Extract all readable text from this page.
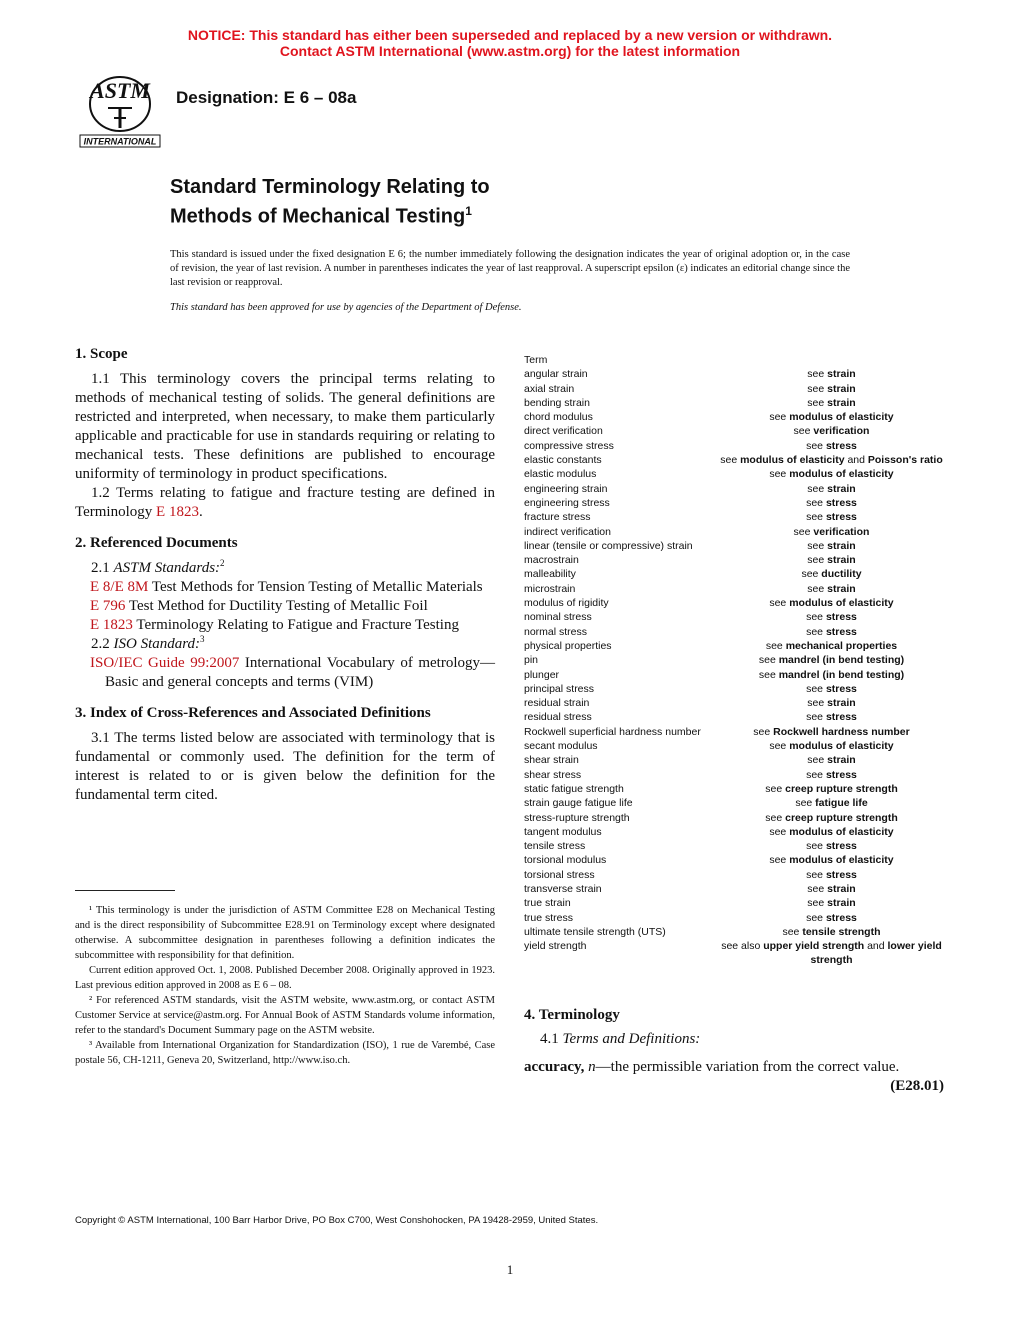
NOTICE: This standard has either been superseded and replaced by a new version or withdrawn.
Contact ASTM International (www.astm.org) for the latest information
ASTM
INTERNATIONAL
Designation: E 6 – 08a
Standard Terminology Relating to
Methods of Mechanical Testing$^1$
This standard is issued under the fixed designation E 6; the number immediately following the designation indicates the year of original adoption or, in the case of revision, the year of last revision. A number in parentheses indicates the year of last reapproval. A superscript epsilon (ε) indicates an editorial change since the last revision or reapproval.
This standard has been approved for use by agencies of the Department of Defense.
1. Scope

1.1 This terminology covers the principal terms relating to methods of mechanical testing of solids. The general definitions are restricted and interpreted, when necessary, to make them particularly applicable and practicable for use in standards requiring or relating to mechanical tests. These definitions are published to encourage uniformity of terminology in product specifications.

1.2 Terms relating to fatigue and fracture testing are defined in Terminology E 1823.

2. Referenced Documents

2.1 ASTM Standards:$^2$

E 8/E 8M Test Methods for Tension Testing of Metallic Materials
E 796 Test Method for Ductility Testing of Metallic Foil
E 1823 Terminology Relating to Fatigue and Fracture Testing

2.2 ISO Standard:$^3$

ISO/IEC Guide 99:2007 International Vocabulary of metrology—Basic and general concepts and terms (VIM)
3. Index of Cross-References and Associated Definitions

3.1 The terms listed below are associated with terminology that is fundamental or commonly used. The definition for the term of interest is related to or is given below the definition for the fundamental term cited.

¹ This terminology is under the jurisdiction of ASTM Committee E28 on Mechanical Testing and is the direct responsibility of Subcommittee E28.91 on Terminology except where designated otherwise. A subcommittee designation in parentheses following a definition indicates the subcommittee with responsibility for that definition.

Current edition approved Oct. 1, 2008. Published December 2008. Originally approved in 1923. Last previous edition approved in 2008 as E 6 – 08.

² For referenced ASTM standards, visit the ASTM website, www.astm.org, or contact ASTM Customer Service at service@astm.org. For Annual Book of ASTM Standards volume information, refer to the standard's Document Summary page on the ASTM website.

³ Available from International Organization for Standardization (ISO), 1 rue de Varembé, Case postale 56, CH-1211, Geneva 20, Switzerland, http://www.iso.ch.

Term
angular strain	see strain
axial strain	see strain
bending strain	see strain
chord modulus	see modulus of elasticity
direct verification	see verification
compressive stress	see stress
elastic constants	see modulus of elasticity and Poisson's ratio
elastic modulus	see modulus of elasticity
engineering strain	see strain
engineering stress	see stress
fracture stress	see stress
indirect verification	see verification
linear (tensile or compressive) strain	see strain
macrostrain	see strain
malleability	see ductility
microstrain	see strain
modulus of rigidity	see modulus of elasticity
nominal stress	see stress
normal stress	see stress
physical properties	see mechanical properties
pin	see mandrel (in bend testing)
plunger	see mandrel (in bend testing)
principal stress	see stress
residual strain	see strain
residual stress	see stress
Rockwell superficial hardness number	see Rockwell hardness number
secant modulus	see modulus of elasticity
shear strain	see strain
shear stress	see stress
static fatigue strength	see creep rupture strength
strain gauge fatigue life	see fatigue life
stress-rupture strength	see creep rupture strength
tangent modulus	see modulus of elasticity
tensile stress	see stress
torsional modulus	see modulus of elasticity
torsional stress	see stress
transverse strain	see strain
true strain	see strain
true stress	see stress
ultimate tensile strength (UTS)	see tensile strength
yield strength	see also upper yield strength and lower yield strength
4. Terminology

4.1 Terms and Definitions:

accuracy, n—the permissible variation from the correct value.

(E28.01)

Copyright © ASTM International, 100 Barr Harbor Drive, PO Box C700, West Conshohocken, PA 19428-2959, United States.
1
